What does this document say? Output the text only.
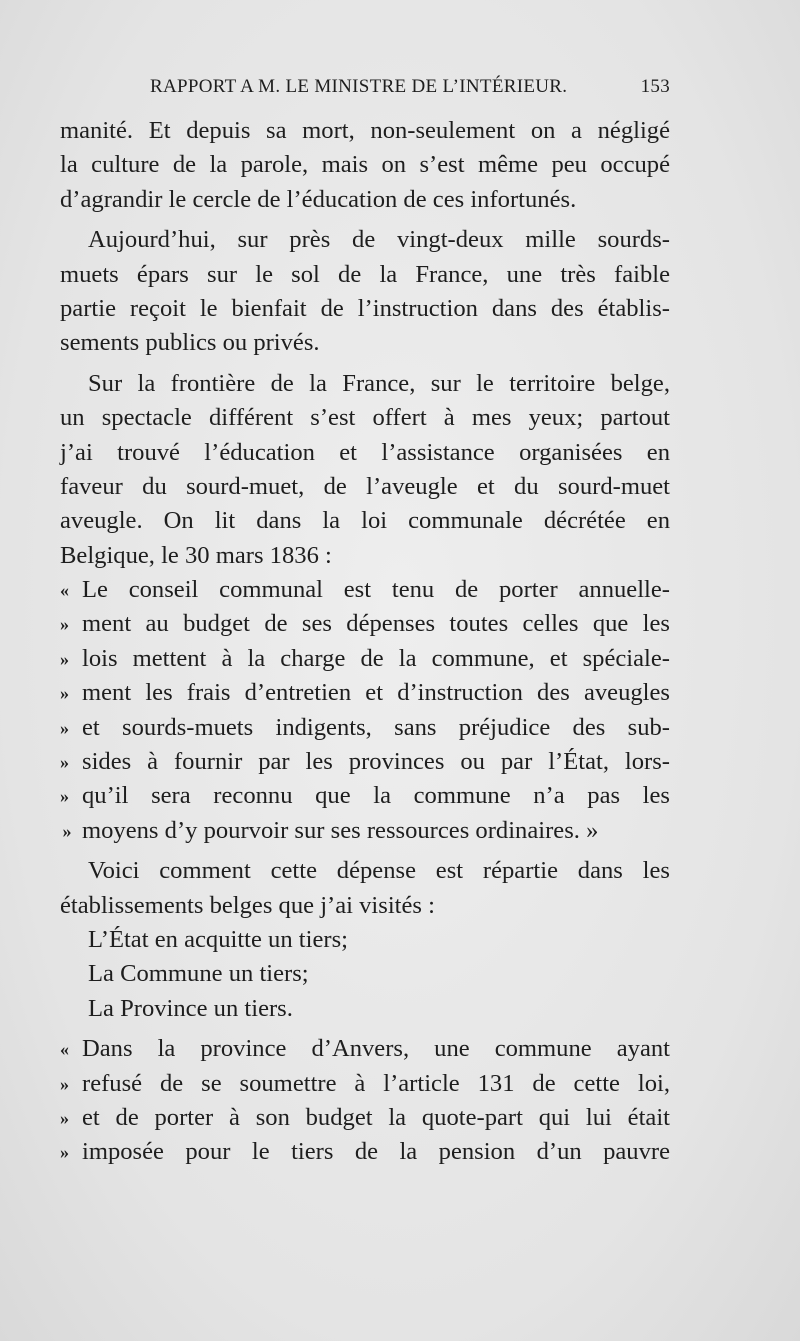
RAPPORT A M. LE MINISTRE DE L’INTÉRIEUR.	153
manité. Et depuis sa mort, non-seulement on a négligé
la culture de la parole, mais on s’est même peu occupé
d’agrandir le cercle de l’éducation de ces infortunés.
Aujourd’hui, sur près de vingt-deux mille sourds-
muets épars sur le sol de la France, une très faible
partie reçoit le bienfait de l’instruction dans des établis-
sements publics ou privés.
Sur la frontière de la France, sur le territoire belge,
un spectacle différent s’est offert à mes yeux; partout
j’ai trouvé l’éducation et l’assistance organisées en
faveur du sourd-muet, de l’aveugle et du sourd-muet
aveugle. On lit dans la loi communale décrétée en
Belgique, le 30 mars 1836 :
« Le conseil communal est tenu de porter annuelle-
» ment au budget de ses dépenses toutes celles que les
» lois mettent à la charge de la commune, et spéciale-
» ment les frais d’entretien et d’instruction des aveugles
» et sourds-muets indigents, sans préjudice des sub-
» sides à fournir par les provinces ou par l’État, lors-
» qu’il sera reconnu que la commune n’a pas les
» moyens d’y pourvoir sur ses ressources ordinaires. »
Voici comment cette dépense est répartie dans les
établissements belges que j’ai visités :
L’État en acquitte un tiers;
La Commune un tiers;
La Province un tiers.
« Dans la province d’Anvers, une commune ayant
» refusé de se soumettre à l’article 131 de cette loi,
» et de porter à son budget la quote-part qui lui était
» imposée pour le tiers de la pension d’un pauvre
